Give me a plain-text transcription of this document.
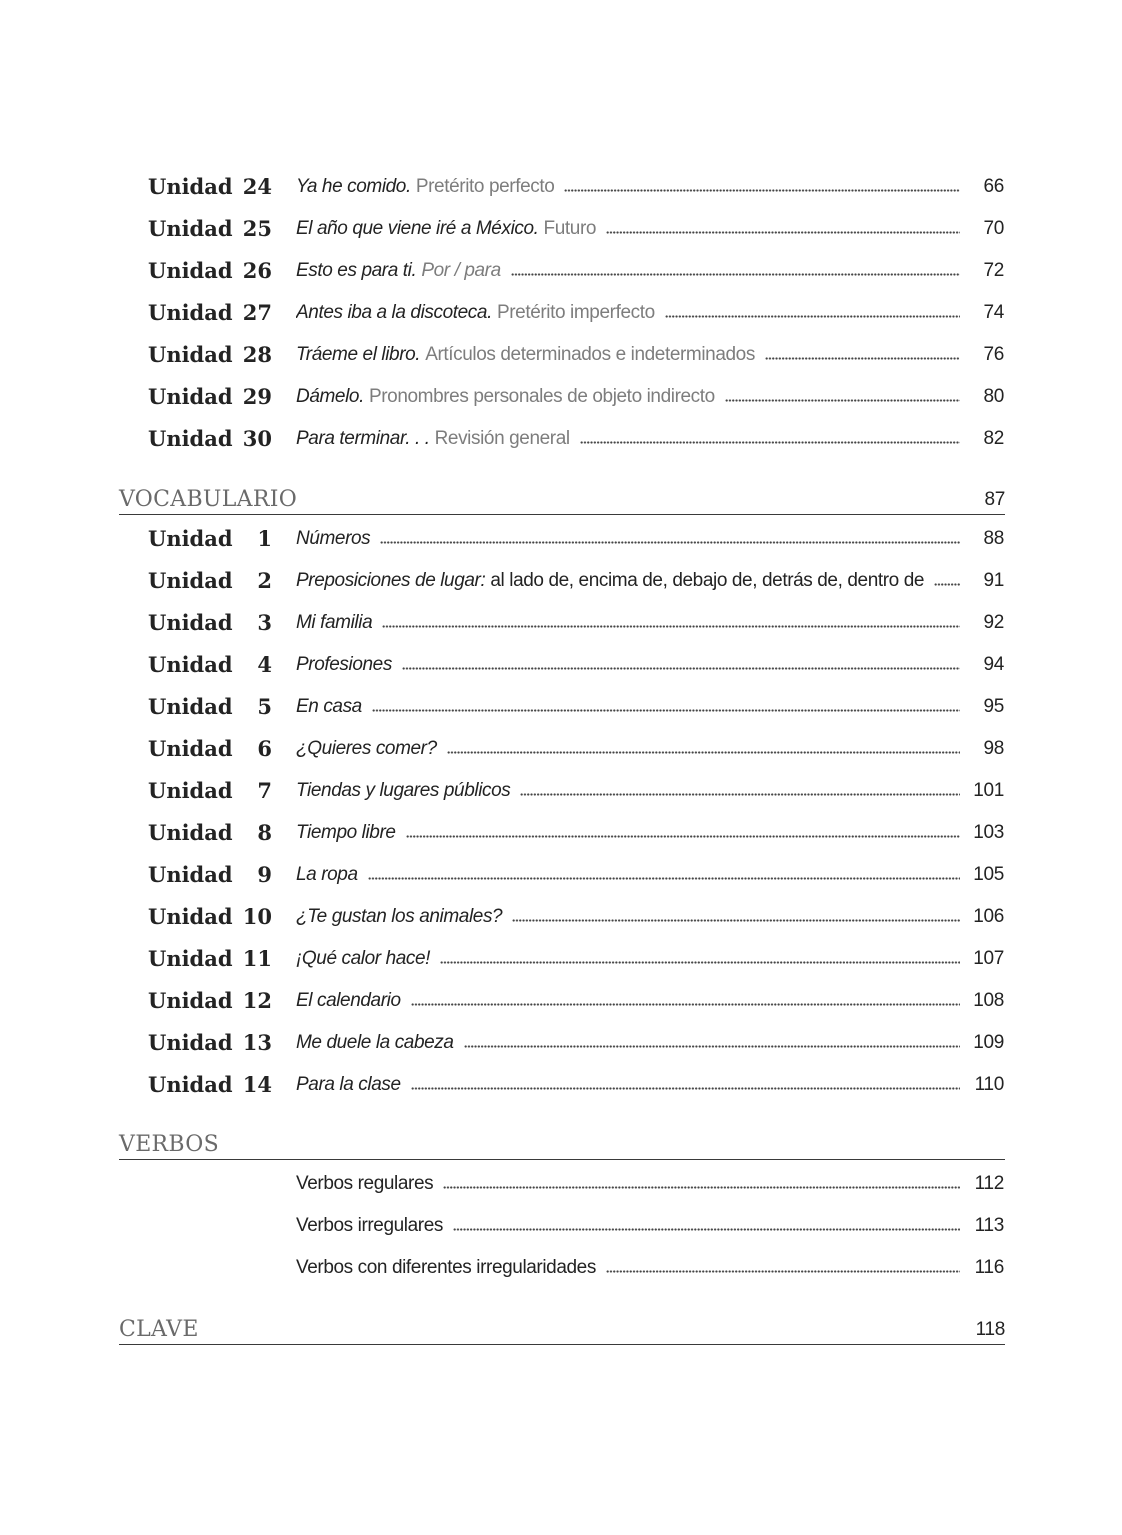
Unidad 24 Ya he comido. Pretérito perfecto	66
Unidad 25 El año que viene iré a México. Futuro	70
Unidad 26 Esto es para ti. Por / para	72
Unidad 27 Antes iba a la discoteca. Pretérito imperfecto	74
Unidad 28 Tráeme el libro. Artículos determinados e indeterminados	76
Unidad 29 Dámelo. Pronombres personales de objeto indirecto	80
Unidad 30 Para terminar. . . Revisión general	82
VOCABULARIO	87
Unidad 1 Números	88
Unidad 2 Preposiciones de lugar: al lado de, encima de, debajo de, detrás de, dentro de	91
Unidad 3 Mi familia	92
Unidad 4 Profesiones	94
Unidad 5 En casa	95
Unidad 6 ¿Quieres comer?	98
Unidad 7 Tiendas y lugares públicos	101
Unidad 8 Tiempo libre	103
Unidad 9 La ropa	105
Unidad 10 ¿Te gustan los animales?	106
Unidad 11 ¡Qué calor hace!	107
Unidad 12 El calendario	108
Unidad 13 Me duele la cabeza	109
Unidad 14 Para la clase	110
VERBOS
Verbos regulares	112
Verbos irregulares	113
Verbos con diferentes irregularidades	116
CLAVE	118
